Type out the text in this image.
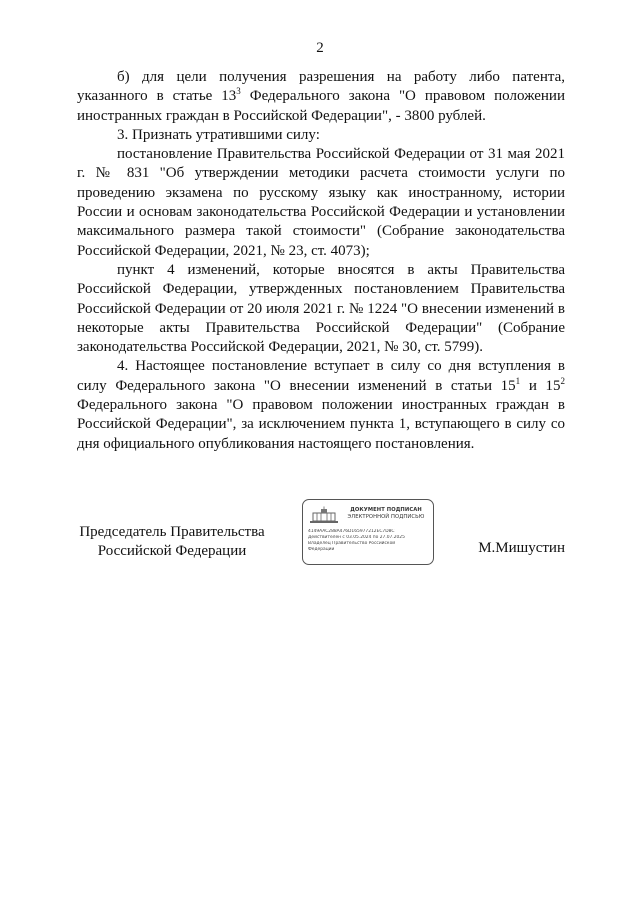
2

б) для цели получения разрешения на работу либо патента, указанного в статье $13^3$ Федерального закона "О правовом положении иностранных граждан в Российской Федерации", - 3800 рублей.

3. Признать утратившими силу:

постановление Правительства Российской Федерации от 31 мая 2021 г. № 831 "Об утверждении методики расчета стоимости услуги по проведению экзамена по русскому языку как иностранному, истории России и основам законодательства Российской Федерации и установлении максимального размера такой стоимости" (Собрание законодательства Российской Федерации, 2021, № 23, ст. 4073);

пункт 4 изменений, которые вносятся в акты Правительства Российской Федерации, утвержденных постановлением Правительства Российской Федерации от 20 июля 2021 г. № 1224 "О внесении изменений в некоторые акты Правительства Российской Федерации" (Собрание законодательства Российской Федерации, 2021, № 30, ст. 5799).

4. Настоящее постановление вступает в силу со дня вступления в силу Федерального закона "О внесении изменений в статьи $15^1$ и $15^2$ Федерального закона "О правовом положении иностранных граждан в Российской Федерации", за исключением пункта 1, вступающего в силу со дня официального опубликования настоящего постановления.

Председатель Правительства
Российской Федерации
ДОКУМЕНТ ПОДПИСАН
ЭЛЕКТРОННОЙ ПОДПИСЬЮ
4149AAC288A476D165977212EC7D8C
Действителен с 03.05.2024 по 27.07.2025
Владелец Правительство Российской
Федерации	М.Мишустин
